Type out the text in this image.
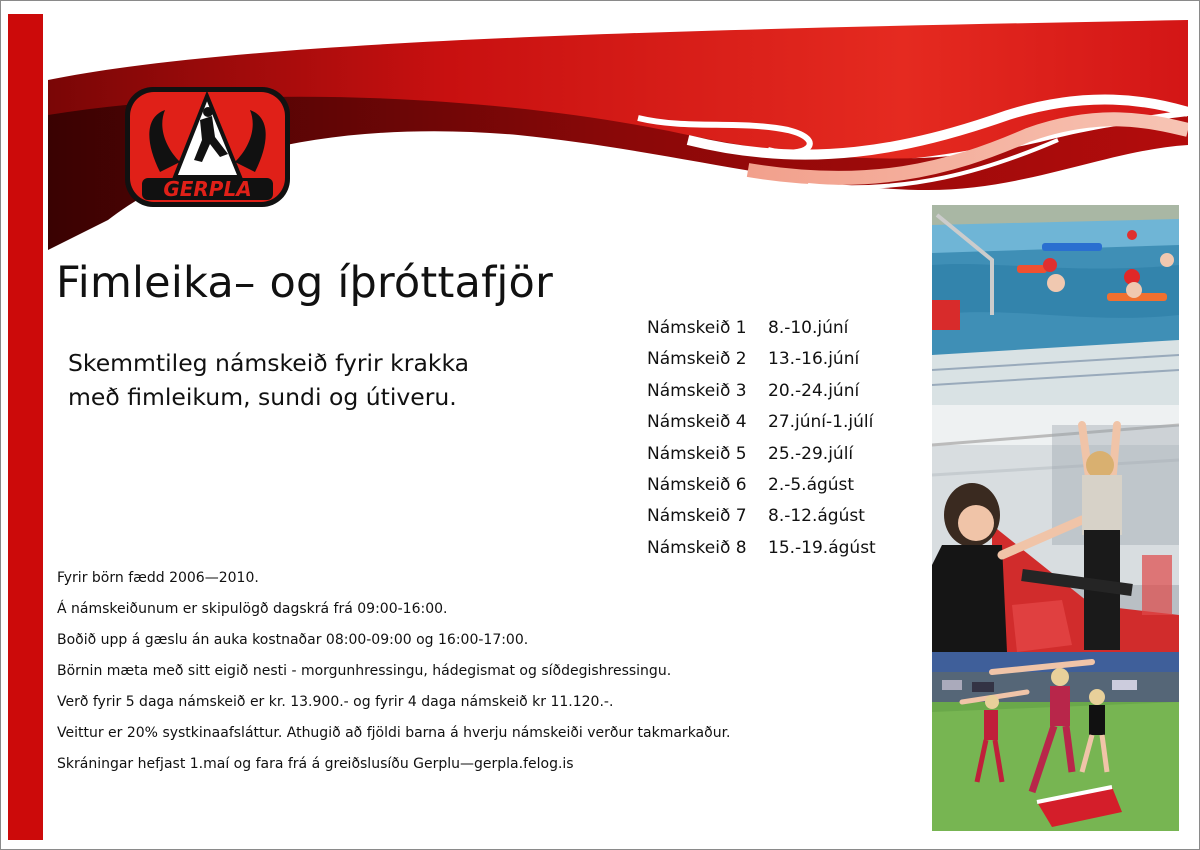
GERPLA
Fimleika– og íþróttafjör
Skemmtileg námskeið fyrir krakka
með fimleikum, sundi og útiveru.
Námskeið 1	8.-10.júní
Námskeið 2	13.-16.júní
Námskeið 3	20.-24.júní
Námskeið 4	27.júní-1.júlí
Námskeið 5	25.-29.júlí
Námskeið 6	2.-5.ágúst
Námskeið 7	8.-12.ágúst
Námskeið 8	15.-19.ágúst
Fyrir börn fædd 2006—2010.
Á námskeiðunum er skipulögð dagskrá frá 09:00-16:00.
Boðið upp á gæslu án auka kostnaðar 08:00-09:00 og 16:00-17:00.
Börnin mæta með sitt eigið nesti - morgunhressingu, hádegismat og síðdegishressingu.
Verð fyrir 5 daga námskeið er kr. 13.900.- og fyrir 4 daga námskeið kr 11.120.-.
Veittur er 20% systkinaafsláttur. Athugið að fjöldi barna á hverju námskeiði verður takmarkaður.
Skráningar hefjast 1.maí og fara frá á greiðslusíðu Gerplu—gerpla.felog.is
